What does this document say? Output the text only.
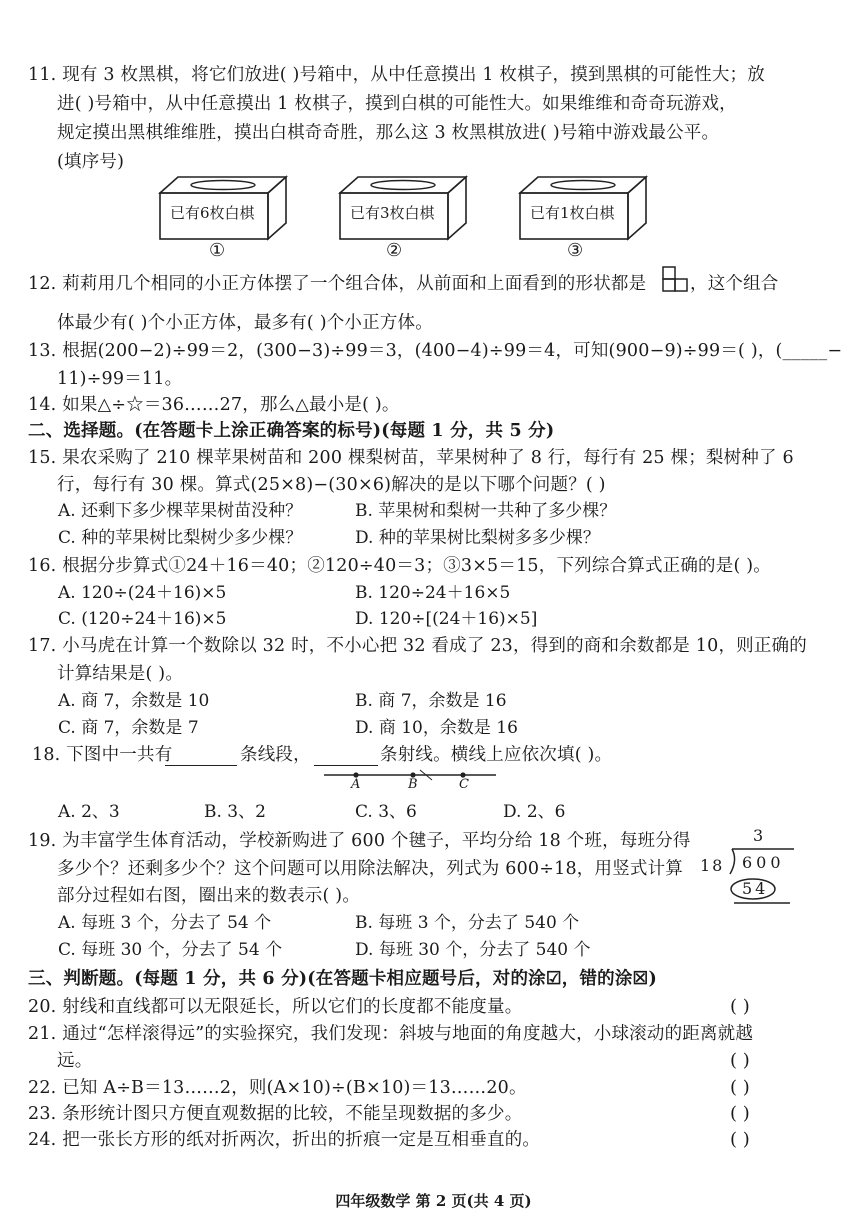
11. 现有 3 枚黑棋，将它们放进( )号箱中，从中任意摸出 1 枚棋子，摸到黑棋的可能性大；放
进( )号箱中，从中任意摸出 1 枚棋子，摸到白棋的可能性大。如果维维和奇奇玩游戏，
规定摸出黑棋维维胜，摸出白棋奇奇胜，那么这 3 枚黑棋放进( )号箱中游戏最公平。
(填序号)
已有6枚白棋
①
已有3枚白棋
②
已有1枚白棋
③
12. 莉莉用几个相同的小正方体摆了一个组合体，从前面和上面看到的形状都是 ，这个组合
体最少有( )个小正方体，最多有( )个小正方体。
13. 根据(200−2)÷99＝2，(300−3)÷99＝3，(400−4)÷99＝4，可知(900−9)÷99＝( )，(_____−
11)÷99＝11。
14. 如果△÷☆＝36……27，那么△最小是( )。
二、选择题。(在答题卡上涂正确答案的标号)(每题 1 分，共 5 分)
15. 果农采购了 210 棵苹果树苗和 200 棵梨树苗，苹果树种了 8 行，每行有 25 棵；梨树种了 6
行，每行有 30 棵。算式(25×8)−(30×6)解决的是以下哪个问题？( )
A. 还剩下多少棵苹果树苗没种？	B. 苹果树和梨树一共种了多少棵？
C. 种的苹果树比梨树少多少棵？	D. 种的苹果树比梨树多多少棵？
16. 根据分步算式①24＋16＝40；②120÷40＝3；③3×5＝15，下列综合算式正确的是( )。
A. 120÷(24＋16)×5	B. 120÷24＋16×5
C. (120÷24＋16)×5	D. 120÷[(24＋16)×5]
17. 小马虎在计算一个数除以 32 时，不小心把 32 看成了 23，得到的商和余数都是 10，则正确的
计算结果是( )。
A. 商 7，余数是 10	B. 商 7，余数是 16
C. 商 7，余数是 7	D. 商 10，余数是 16
18. 下图中一共有	条线段，	条射线。横线上应依次填( )。
A	B	C
A. 2、3	B. 3、2	C. 3、6	D. 2、6
19. 为丰富学生体育活动，学校新购进了 600 个毽子，平均分给 18 个班，每班分得
多少个？还剩多少个？这个问题可以用除法解决，列式为 600÷18，用竖式计算
部分过程如右图，圈出来的数表示( )。
3
18 600
54
A. 每班 3 个，分去了 54 个	B. 每班 3 个，分去了 540 个
C. 每班 30 个，分去了 54 个	D. 每班 30 个，分去了 540 个
三、判断题。(每题 1 分，共 6 分)(在答题卡相应题号后，对的涂☑，错的涂☒)
20. 射线和直线都可以无限延长，所以它们的长度都不能度量。	( )
21. 通过“怎样滚得远”的实验探究，我们发现：斜坡与地面的角度越大，小球滚动的距离就越
远。	( )
22. 已知 A÷B＝13……2，则(A×10)÷(B×10)＝13……20。	( )
23. 条形统计图只方便直观数据的比较，不能呈现数据的多少。	( )
24. 把一张长方形的纸对折两次，折出的折痕一定是互相垂直的。	( )
四年级数学 第 2 页(共 4 页)
